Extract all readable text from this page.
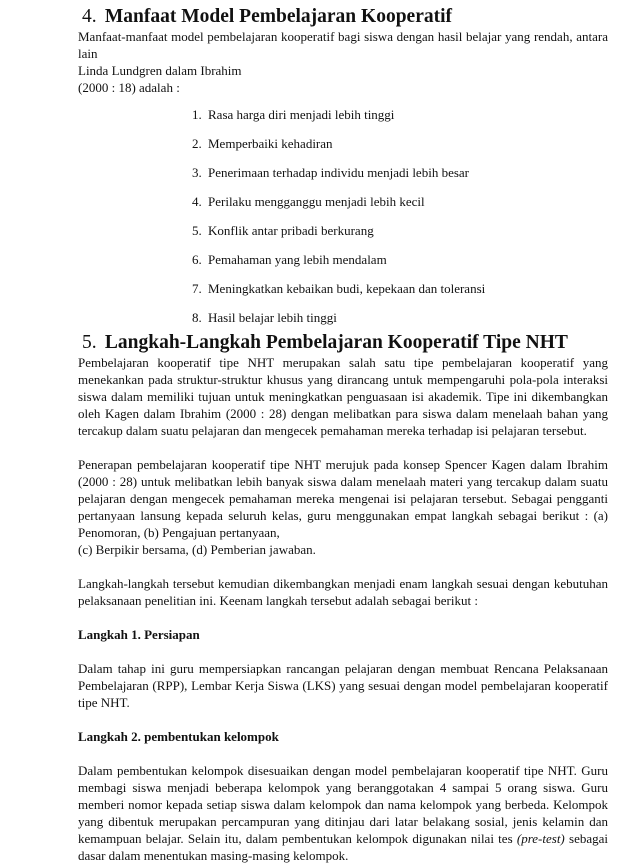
4. Manfaat Model Pembelajaran Kooperatif

Manfaat-manfaat model pembelajaran kooperatif bagi siswa dengan hasil belajar yang rendah, antara lain
Linda Lundgren dalam Ibrahim
(2000 : 18) adalah :

1. Rasa harga diri menjadi lebih tinggi
2. Memperbaiki kehadiran
3. Penerimaan terhadap individu menjadi lebih besar
4. Perilaku mengganggu menjadi lebih kecil
5. Konflik antar pribadi berkurang
6. Pemahaman yang lebih mendalam
7. Meningkatkan kebaikan budi, kepekaan dan toleransi
8. Hasil belajar lebih tinggi
5. Langkah-Langkah Pembelajaran Kooperatif Tipe NHT

Pembelajaran kooperatif tipe NHT merupakan salah satu tipe pembelajaran kooperatif yang menekankan pada struktur-struktur khusus yang dirancang untuk mempengaruhi pola-pola interaksi siswa dalam memiliki tujuan untuk meningkatkan penguasaan isi akademik. Tipe ini dikembangkan oleh Kagen dalam Ibrahim (2000 : 28) dengan melibatkan para siswa dalam menelaah bahan yang tercakup dalam suatu pelajaran dan mengecek pemahaman mereka terhadap isi pelajaran tersebut.

Penerapan pembelajaran kooperatif tipe NHT merujuk pada konsep Spencer Kagen dalam Ibrahim (2000 : 28) untuk melibatkan lebih banyak siswa dalam menelaah materi yang tercakup dalam suatu pelajaran dengan mengecek pemahaman mereka mengenai isi pelajaran tersebut. Sebagai pengganti pertanyaan lansung kepada seluruh kelas, guru menggunakan empat langkah sebagai berikut : (a) Penomoran, (b) Pengajuan pertanyaan,

(c) Berpikir bersama, (d) Pemberian jawaban.

Langkah-langkah tersebut kemudian dikembangkan menjadi enam langkah sesuai dengan kebutuhan pelaksanaan penelitian ini. Keenam langkah tersebut adalah sebagai berikut :

Langkah 1. Persiapan

Dalam tahap ini guru mempersiapkan rancangan pelajaran dengan membuat Rencana Pelaksanaan Pembelajaran (RPP), Lembar Kerja Siswa (LKS) yang sesuai dengan model pembelajaran kooperatif tipe NHT.

Langkah 2. pembentukan kelompok

Dalam pembentukan kelompok disesuaikan dengan model pembelajaran kooperatif tipe NHT. Guru membagi siswa menjadi beberapa kelompok yang beranggotakan 4 sampai 5 orang siswa. Guru memberi nomor kepada setiap siswa dalam kelompok dan nama kelompok yang berbeda. Kelompok yang dibentuk merupakan percampuran yang ditinjau dari latar belakang sosial, jenis kelamin dan kemampuan belajar. Selain itu, dalam pembentukan kelompok digunakan nilai tes (pre-test) sebagai dasar dalam menentukan masing-masing kelompok.
